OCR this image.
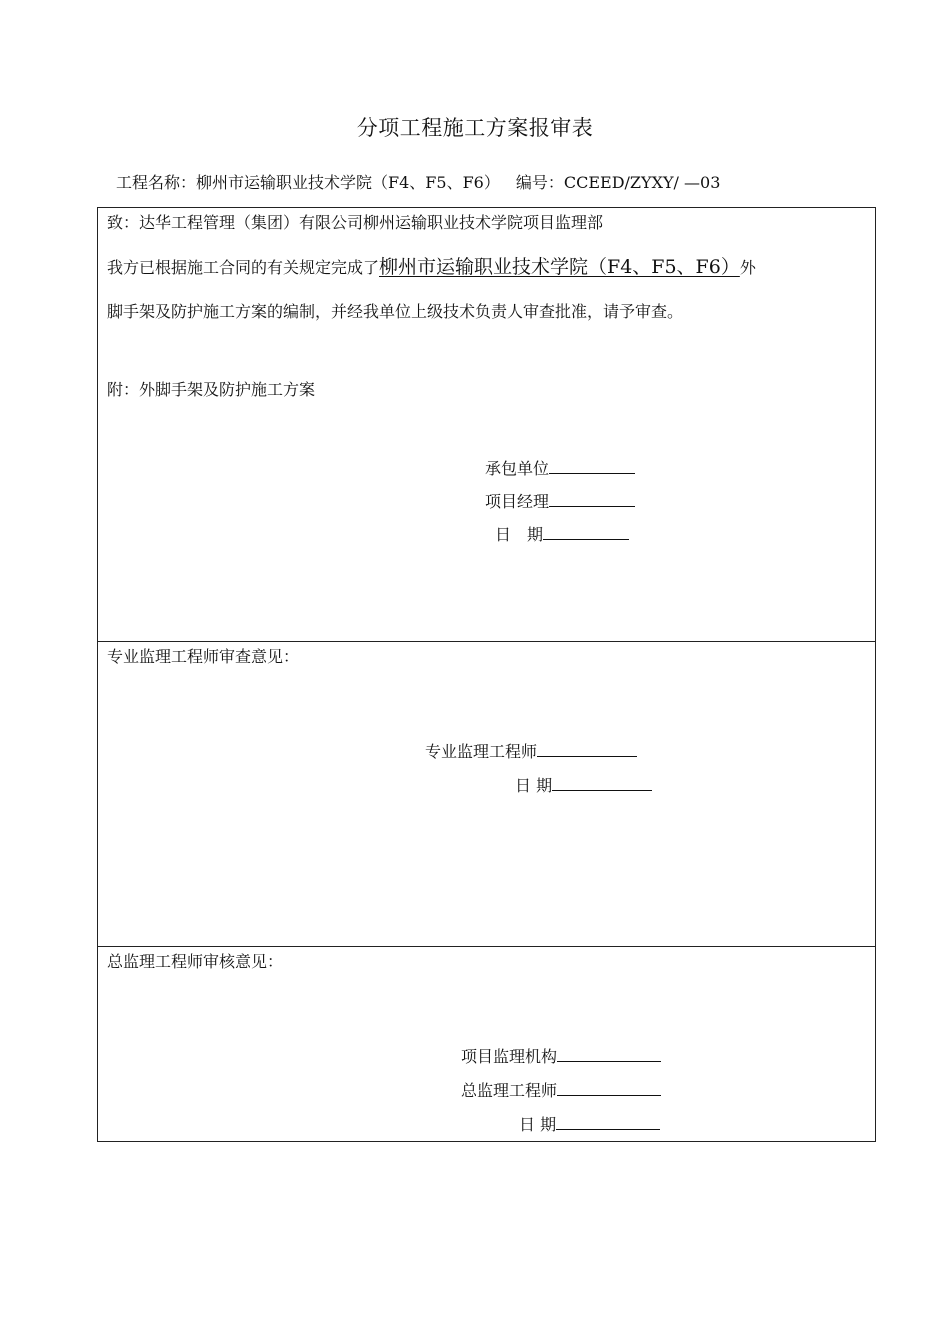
分项工程施工方案报审表
工程名称：柳州市运输职业技术学院（F4、F5、F6） 编号：CCEED/ZYXY/ —03
致：达华工程管理（集团）有限公司柳州运输职业技术学院项目监理部
我方已根据施工合同的有关规定完成了柳州市运输职业技术学院（F4、F5、F6）外
脚手架及防护施工方案的编制，并经我单位上级技术负责人审查批准，请予审查。
附：外脚手架及防护施工方案
承包单位
项目经理
日　期
专业监理工程师审查意见：
专业监理工程师
日 期
总监理工程师审核意见：
项目监理机构
总监理工程师
日 期
